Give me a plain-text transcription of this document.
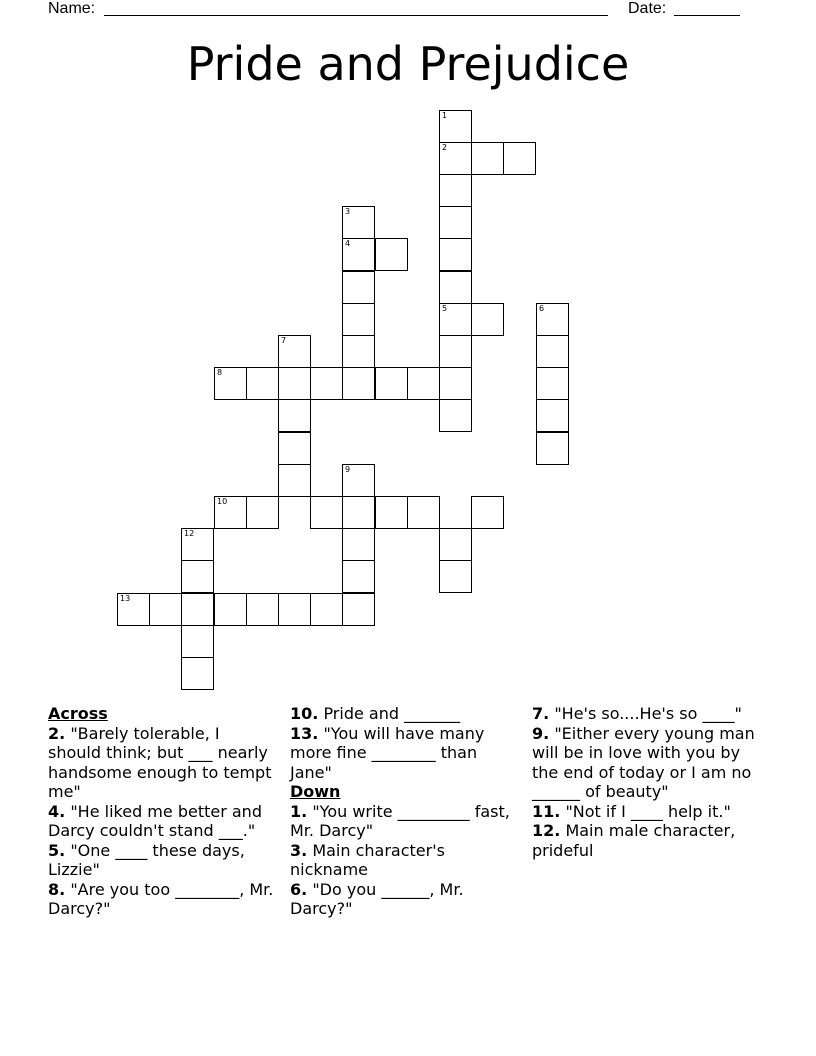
Name:	Date:
Pride and Prejudice
1
2
5
3
4
6
7
8
9
10
12
13
Across

2. "Barely tolerable, I should think; but ___ nearly handsome enough to tempt me"

4. "He liked me better and Darcy couldn't stand ___."

5. "One ____ these days, Lizzie"

8. "Are you too ________, Mr. Darcy?"

10. Pride and _______

13. "You will have many more fine ________ than Jane"

Down

1. "You write _________ fast, Mr. Darcy"

3. Main character's nickname

6. "Do you ______, Mr. Darcy?"

7. "He's so....He's so ____"

9. "Either every young man will be in love with you by the end of today or I am no ______ of beauty"

11. "Not if I ____ help it."

12. Main male character, prideful
